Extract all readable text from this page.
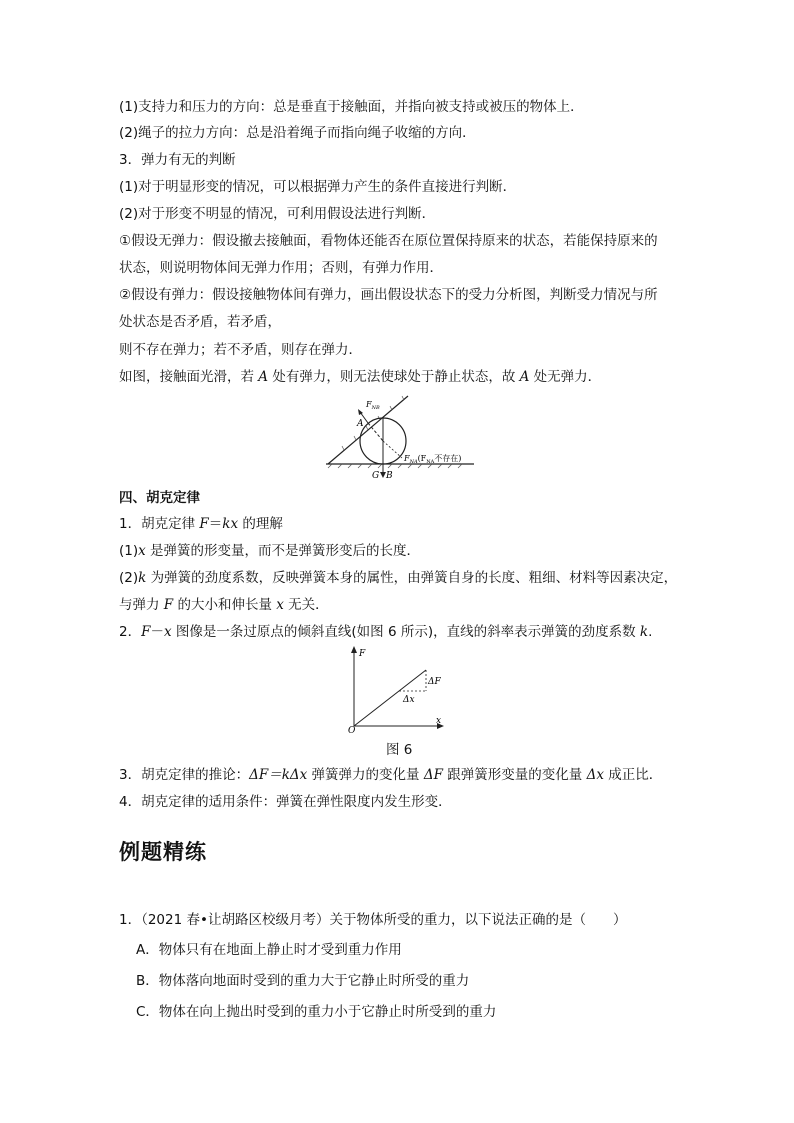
(1)支持力和压力的方向：总是垂直于接触面，并指向被支持或被压的物体上．
(2)绳子的拉力方向：总是沿着绳子而指向绳子收缩的方向．
3．弹力有无的判断
(1)对于明显形变的情况，可以根据弹力产生的条件直接进行判断．
(2)对于形变不明显的情况，可利用假设法进行判断．
①假设无弹力：假设撤去接触面，看物体还能否在原位置保持原来的状态，若能保持原来的
状态，则说明物体间无弹力作用；否则，有弹力作用．
②假设有弹力：假设接触物体间有弹力，画出假设状态下的受力分析图，判断受力情况与所
处状态是否矛盾，若矛盾，
则不存在弹力；若不矛盾，则存在弹力．
如图，接触面光滑，若 A 处有弹力，则无法使球处于静止状态，故 A 处无弹力．
$F_{NB}$
A
$F_{NA}(F_{NA}$不存在)
G B
四、胡克定律
1．胡克定律 F＝kx 的理解
(1)x 是弹簧的形变量，而不是弹簧形变后的长度．
(2)k 为弹簧的劲度系数，反映弹簧本身的属性，由弹簧自身的长度、粗细、材料等因素决定，
与弹力 F 的大小和伸长量 x 无关．
2．F－x 图像是一条过原点的倾斜直线(如图 6 所示)，直线的斜率表示弹簧的劲度系数 k.
F
x
O
ΔF
Δx
图 6
3．胡克定律的推论：ΔF＝kΔx 弹簧弹力的变化量 ΔF 跟弹簧形变量的变化量 Δx 成正比．
4．胡克定律的适用条件：弹簧在弹性限度内发生形变．
例题精练
1．（2021 春•让胡路区校级月考）关于物体所受的重力，以下说法正确的是（　　）
A．物体只有在地面上静止时才受到重力作用
B．物体落向地面时受到的重力大于它静止时所受的重力
C．物体在向上抛出时受到的重力小于它静止时所受到的重力
